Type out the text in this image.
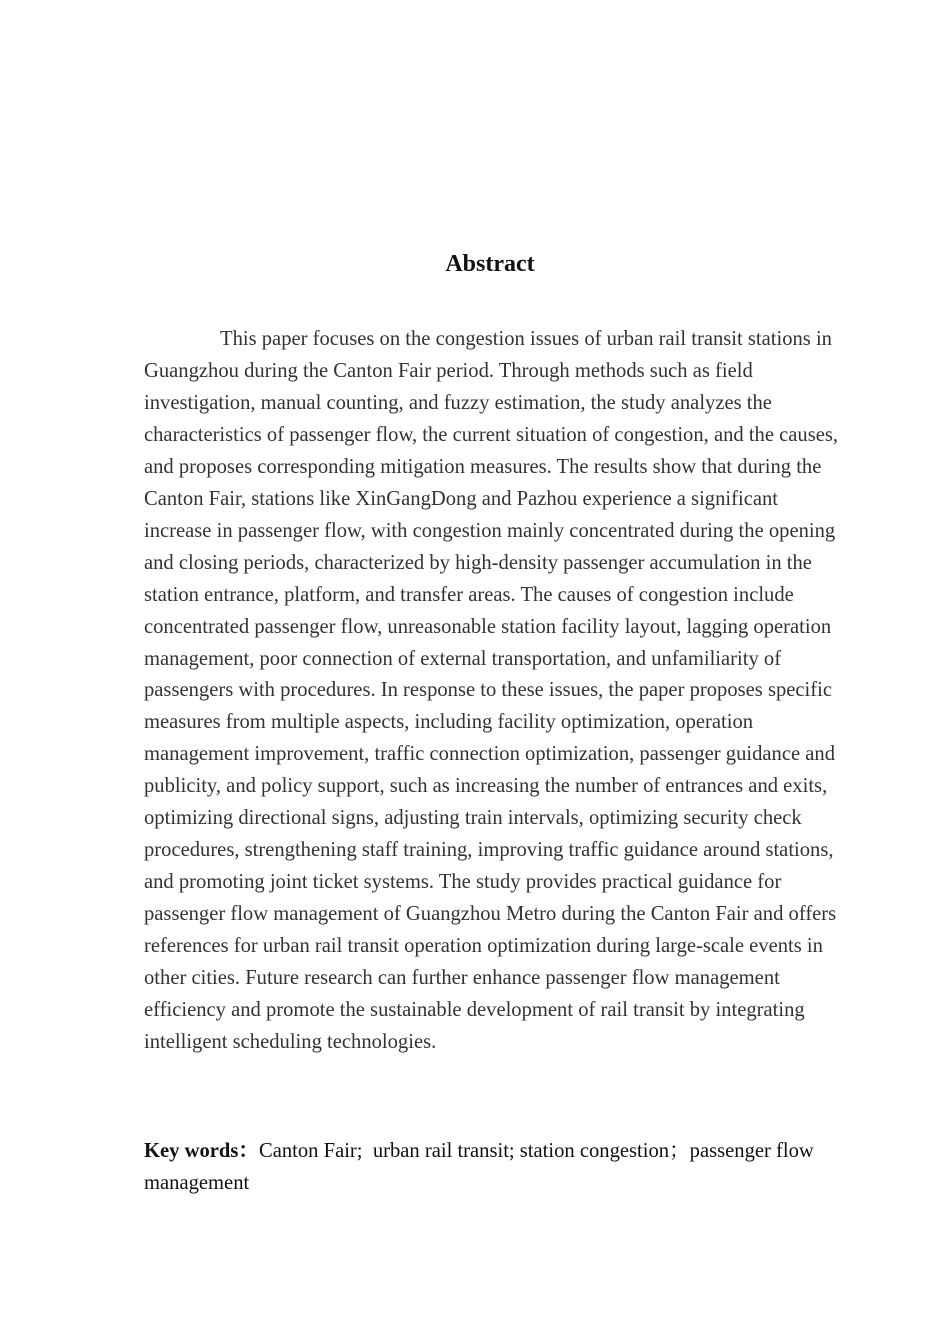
Abstract

This paper focuses on the congestion issues of urban rail transit stations in Guangzhou during the Canton Fair period. Through methods such as field investigation, manual counting, and fuzzy estimation, the study analyzes the characteristics of passenger flow, the current situation of congestion, and the causes, and proposes corresponding mitigation measures. The results show that during the Canton Fair, stations like XinGangDong and Pazhou experience a significant increase in passenger flow, with congestion mainly concentrated during the opening and closing periods, characterized by high-density passenger accumulation in the station entrance, platform, and transfer areas. The causes of congestion include concentrated passenger flow, unreasonable station facility layout, lagging operation management, poor connection of external transportation, and unfamiliarity of passengers with procedures. In response to these issues, the paper proposes specific measures from multiple aspects, including facility optimization, operation management improvement, traffic connection optimization, passenger guidance and publicity, and policy support, such as increasing the number of entrances and exits, optimizing directional signs, adjusting train intervals, optimizing security check procedures, strengthening staff training, improving traffic guidance around stations, and promoting joint ticket systems. The study provides practical guidance for passenger flow management of Guangzhou Metro during the Canton Fair and offers references for urban rail transit operation optimization during large-scale events in other cities. Future research can further enhance passenger flow management efficiency and promote the sustainable development of rail transit by integrating intelligent scheduling technologies.

Key words：Canton Fair;  urban rail transit; station congestion；passenger flow  management
